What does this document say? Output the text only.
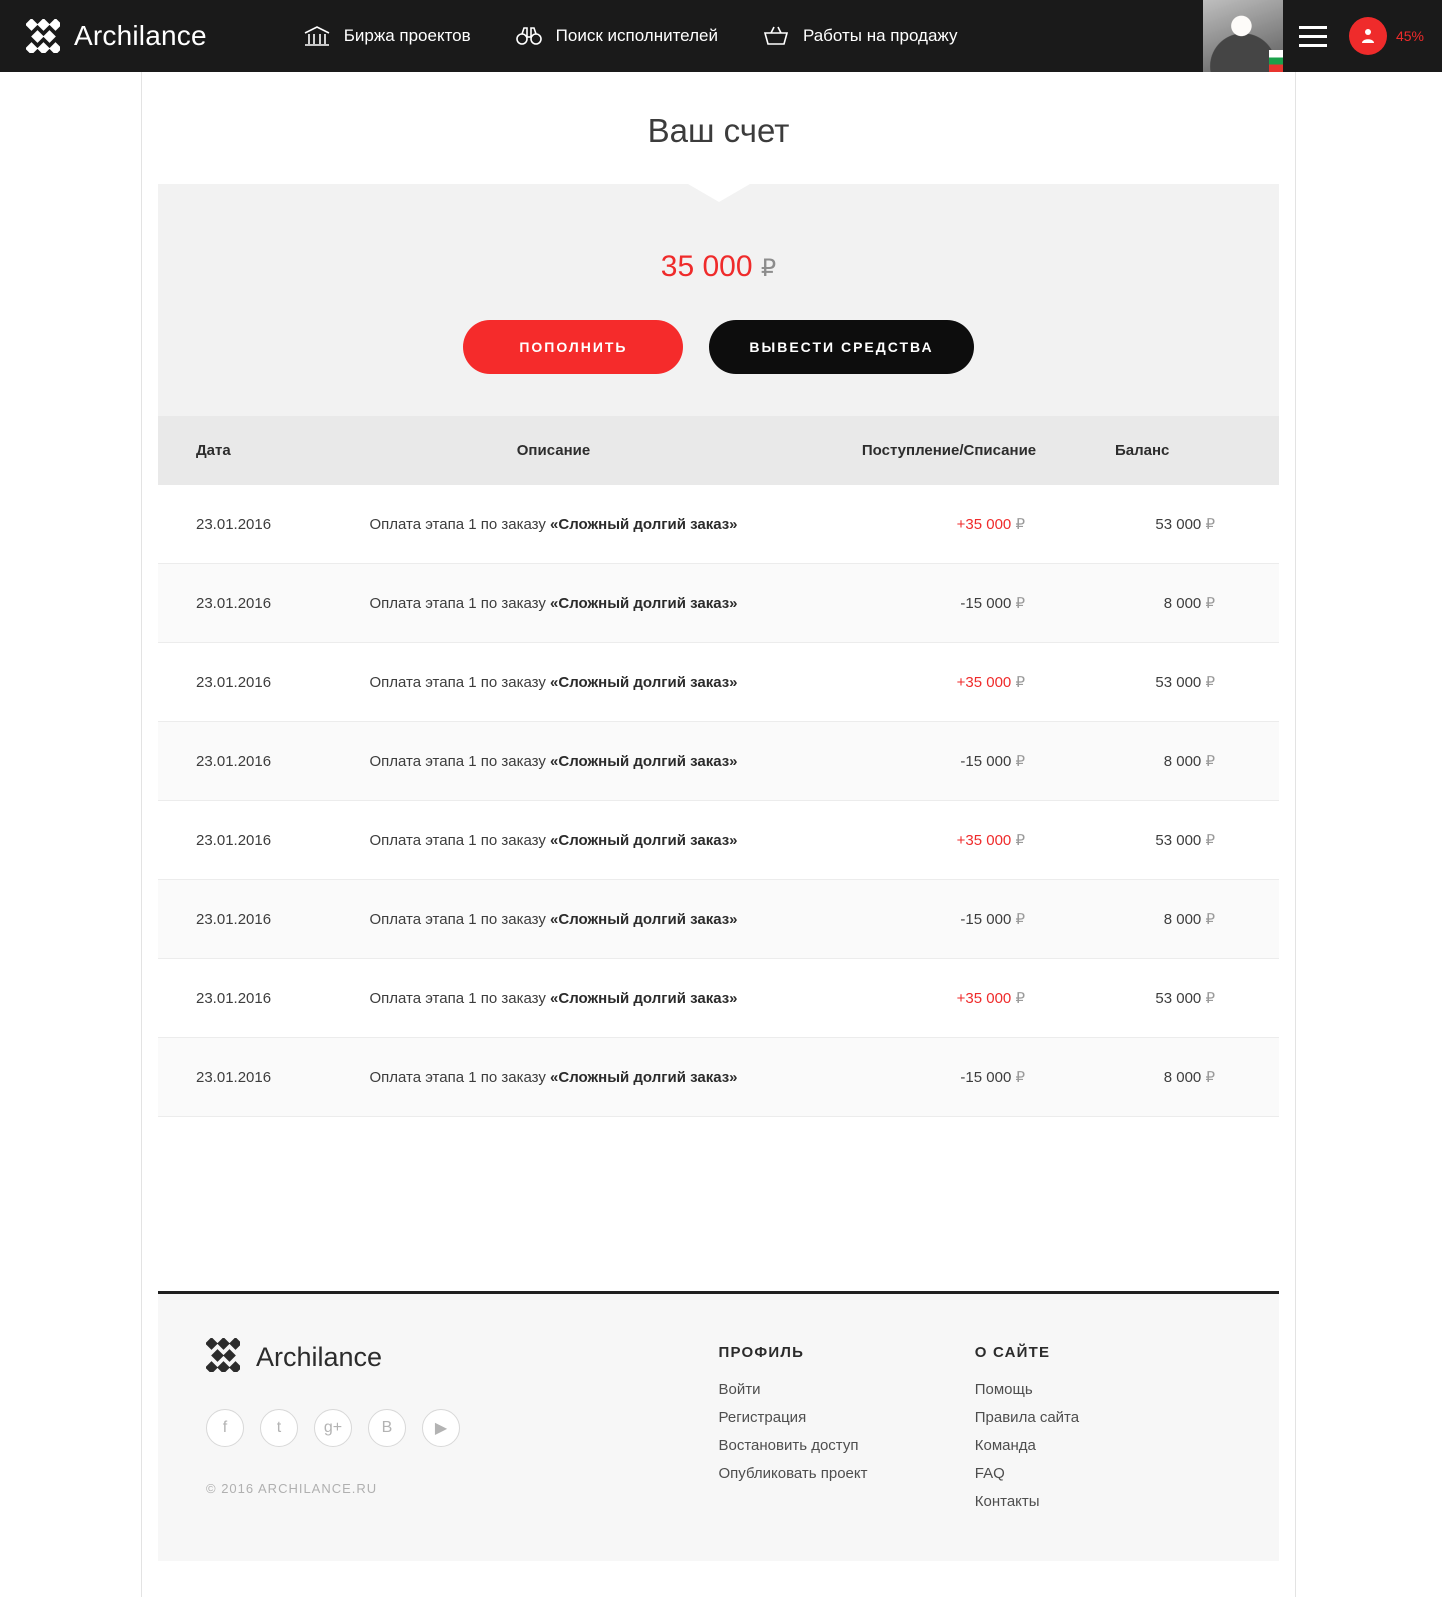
Archilance	Биржа проектов	Поиск исполнителей	Работы на продажу	45%
Ваш счет
35 000 ₽
ПОПОЛНИТЬ	ВЫВЕСТИ СРЕДСТВА
Дата	Описание	Поступление/Списание	Баланс
23.01.2016	Оплата этапа 1 по заказу «Сложный долгий заказ»	+35 000 ₽	53 000 ₽
23.01.2016	Оплата этапа 1 по заказу «Сложный долгий заказ»	-15 000 ₽	8 000 ₽
23.01.2016	Оплата этапа 1 по заказу «Сложный долгий заказ»	+35 000 ₽	53 000 ₽
23.01.2016	Оплата этапа 1 по заказу «Сложный долгий заказ»	-15 000 ₽	8 000 ₽
23.01.2016	Оплата этапа 1 по заказу «Сложный долгий заказ»	+35 000 ₽	53 000 ₽
23.01.2016	Оплата этапа 1 по заказу «Сложный долгий заказ»	-15 000 ₽	8 000 ₽
23.01.2016	Оплата этапа 1 по заказу «Сложный долгий заказ»	+35 000 ₽	53 000 ₽
23.01.2016	Оплата этапа 1 по заказу «Сложный долгий заказ»	-15 000 ₽	8 000 ₽
Archilance
f	t	g+	В	▶
© 2016 ARCHILANCE.RU
ПРОФИЛЬ
Войти
Регистрация
Востановить доступ
Опубликовать проект
О САЙТЕ
Помощь
Правила сайта
Команда
FAQ
Контакты
